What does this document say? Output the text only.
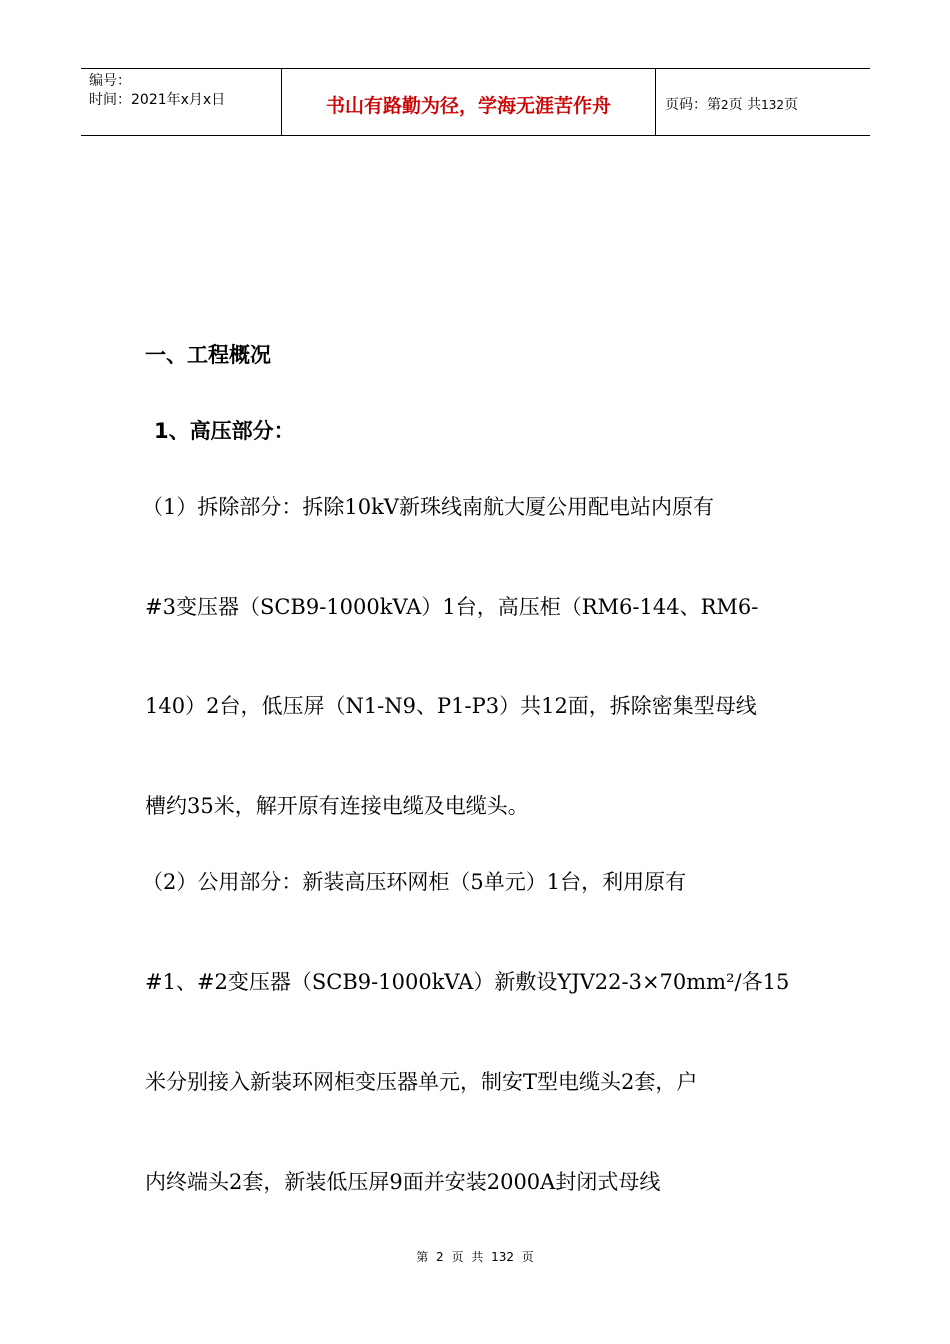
编号：
时间：2021年x月x日	书山有路勤为径，学海无涯苦作舟	页码：第2页 共132页
一、工程概况
1、高压部分：
（1）拆除部分：拆除10kV新珠线南航大厦公用配电站内原有
#3变压器（SCB9-1000kVA）1台，高压柜（RM6-144、RM6-
140）2台，低压屏（N1-N9、P1-P3）共12面，拆除密集型母线
槽约35米，解开原有连接电缆及电缆头。
（2）公用部分：新装高压环网柜（5单元）1台，利用原有
#1、#2变压器（SCB9-1000kVA）新敷设YJV22-3×70mm²/各15
米分别接入新装环网柜变压器单元，制安T型电缆头2套，户
内终端头2套，新装低压屏9面并安装2000A封闭式母线
第 2 页 共 132 页
